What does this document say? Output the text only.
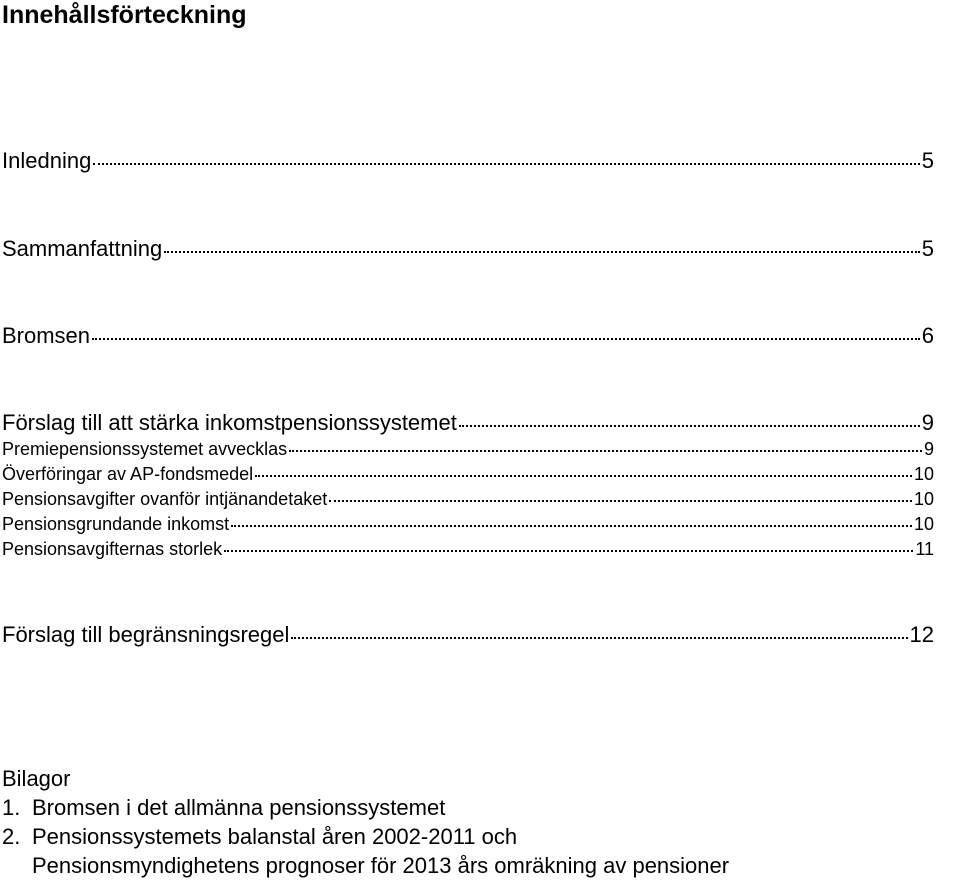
Innehållsförteckning
Inledning	5
Sammanfattning	5
Bromsen	6
Förslag till att stärka inkomstpensionssystemet	9
Premiepensionssystemet avvecklas	9
Överföringar av AP-fondsmedel	10
Pensionsavgifter ovanför intjänandetaket	10
Pensionsgrundande inkomst	10
Pensionsavgifternas storlek	11
Förslag till begränsningsregel	12
Bilagor
1. Bromsen i det allmänna pensionssystemet
2. Pensionssystemets balanstal åren 2002-2011 och
Pensionsmyndighetens prognoser för 2013 års omräkning av pensioner
